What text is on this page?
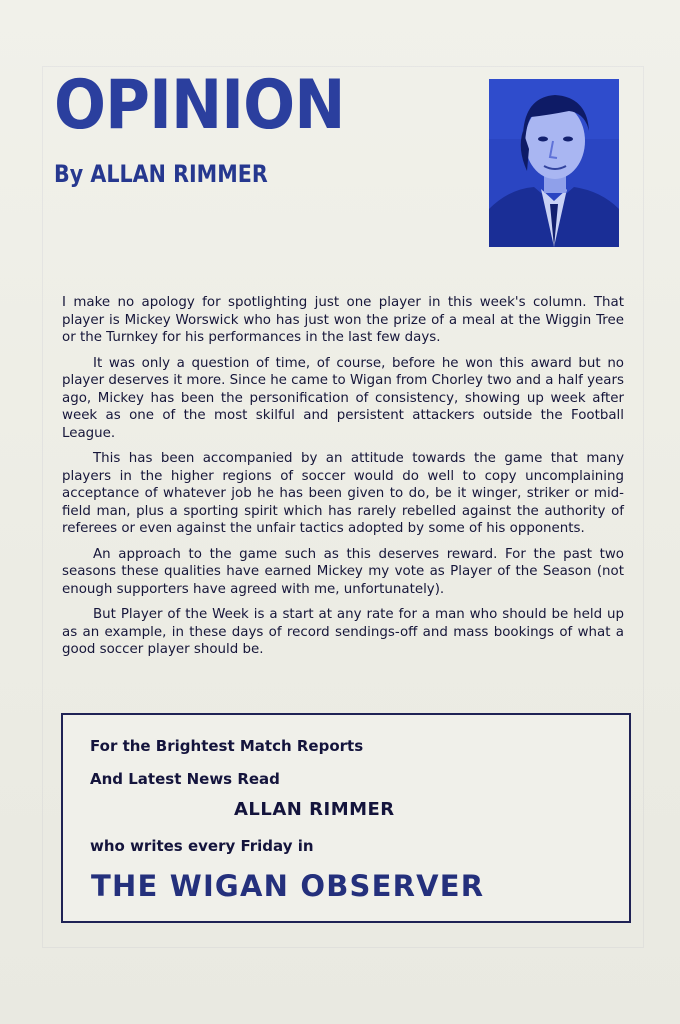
OPINION
By ALLAN RIMMER

I make no apology for spotlighting just one player in this week's column. That player is Mickey Worswick who has just won the prize of a meal at the Wiggin Tree or the Turnkey for his performances in the last few days.

It was only a question of time, of course, before he won this award but no player deserves it more. Since he came to Wigan from Chorley two and a half years ago, Mickey has been the personification of consistency, showing up week after week as one of the most skilful and persistent attackers outside the Football League.

This has been accompanied by an attitude towards the game that many players in the higher regions of soccer would do well to copy uncomplaining acceptance of whatever job he has been given to do, be it winger, striker or mid-field man, plus a sporting spirit which has rarely rebelled against the authority of referees or even against the unfair tactics adopted by some of his opponents.

An approach to the game such as this deserves reward. For the past two seasons these qualities have earned Mickey my vote as Player of the Season (not enough supporters have agreed with me, unfortunately).

But Player of the Week is a start at any rate for a man who should be held up as an example, in these days of record sendings-off and mass bookings of what a good soccer player should be.

For the Brightest Match Reports
And Latest News Read
ALLAN RIMMER
who writes every Friday in
THE WIGAN OBSERVER
